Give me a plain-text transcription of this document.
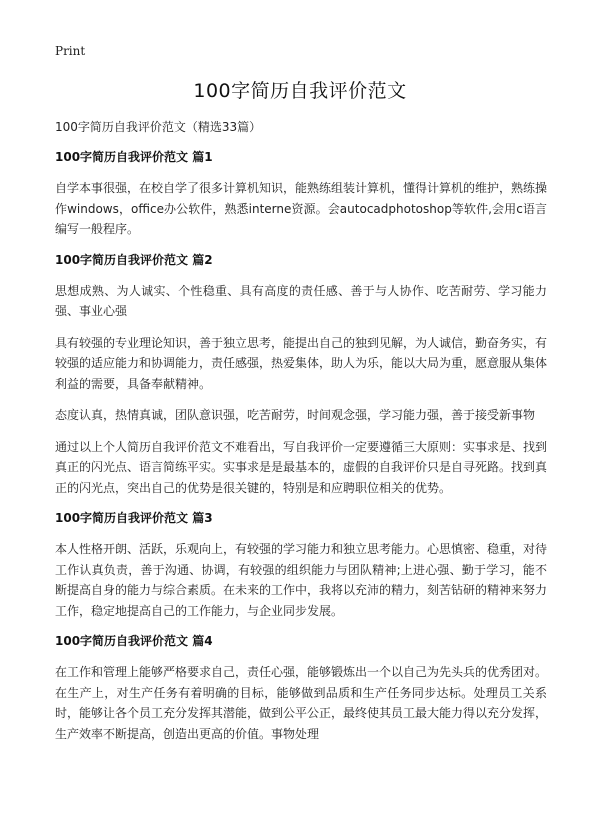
Print
100字简历自我评价范文
100字简历自我评价范文（精选33篇）
100字简历自我评价范文 篇1

自学本事很强，在校自学了很多计算机知识，能熟练组装计算机，懂得计算机的维护，熟练操作windows，office办公软件，熟悉interne资源。会autocadphotoshop等软件,会用c语言编写一般程序。

100字简历自我评价范文 篇2

思想成熟、为人诚实、个性稳重、具有高度的责任感、善于与人协作、吃苦耐劳、学习能力强、事业心强

具有较强的专业理论知识，善于独立思考，能提出自己的独到见解，为人诚信，勤奋务实，有较强的适应能力和协调能力，责任感强，热爱集体，助人为乐，能以大局为重，愿意服从集体利益的需要，具备奉献精神。

态度认真，热情真诚，团队意识强，吃苦耐劳，时间观念强，学习能力强，善于接受新事物

通过以上个人简历自我评价范文不难看出，写自我评价一定要遵循三大原则：实事求是、找到真正的闪光点、语言简练平实。实事求是是最基本的，虚假的自我评价只是自寻死路。找到真正的闪光点，突出自己的优势是很关键的，特别是和应聘职位相关的优势。

100字简历自我评价范文 篇3

本人性格开朗、活跃，乐观向上，有较强的学习能力和独立思考能力。心思慎密、稳重，对待工作认真负责，善于沟通、协调，有较强的组织能力与团队精神;上进心强、勤于学习，能不断提高自身的能力与综合素质。在未来的工作中，我将以充沛的精力，刻苦钻研的精神来努力工作，稳定地提高自己的工作能力，与企业同步发展。

100字简历自我评价范文 篇4

在工作和管理上能够严格要求自己，责任心强，能够锻炼出一个以自己为先头兵的优秀团对。在生产上，对生产任务有着明确的目标，能够做到品质和生产任务同步达标。处理员工关系时，能够让各个员工充分发挥其潜能，做到公平公正，最终使其员工最大能力得以充分发挥，生产效率不断提高，创造出更高的价值。事物处理
